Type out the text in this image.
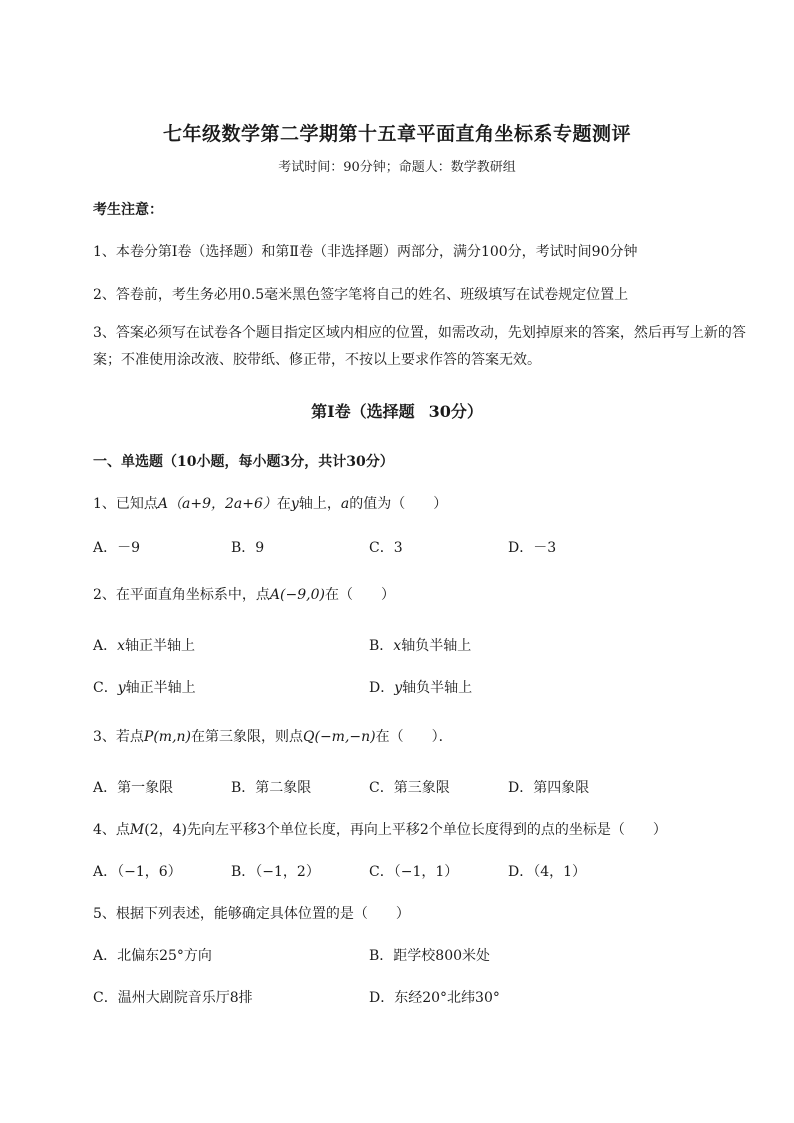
七年级数学第二学期第十五章平面直角坐标系专题测评
考试时间：90分钟；命题人：数学教研组
考生注意：
1、本卷分第I卷（选择题）和第Ⅱ卷（非选择题）两部分，满分100分，考试时间90分钟
2、答卷前，考生务必用0.5毫米黑色签字笔将自己的姓名、班级填写在试卷规定位置上
3、答案必须写在试卷各个题目指定区域内相应的位置，如需改动，先划掉原来的答案，然后再写上新的答案；不准使用涂改液、胶带纸、修正带，不按以上要求作答的答案无效。
第I卷（选择题 30分）
一、单选题（10小题，每小题3分，共计30分）
1、已知点A（a+9，2a+6）在y轴上，a的值为（　　）
A．－9	B．9	C．3	D．－3
2、在平面直角坐标系中，点A(−9,0)在（　　）
A．x轴正半轴上	B．x轴负半轴上
C．y轴正半轴上	D．y轴负半轴上
3、若点P(m,n)在第三象限，则点Q(−m,−n)在（　　）．
A．第一象限	B．第二象限	C．第三象限	D．第四象限
4、点M(2，4)先向左平移3个单位长度，再向上平移2个单位长度得到的点的坐标是（　　）
A．（−1，6）	B．（−1，2）	C．（−1，1）	D．（4，1）
5、根据下列表述，能够确定具体位置的是（　　）
A．北偏东25°方向	B．距学校800米处
C．温州大剧院音乐厅8排	D．东经20°北纬30°
